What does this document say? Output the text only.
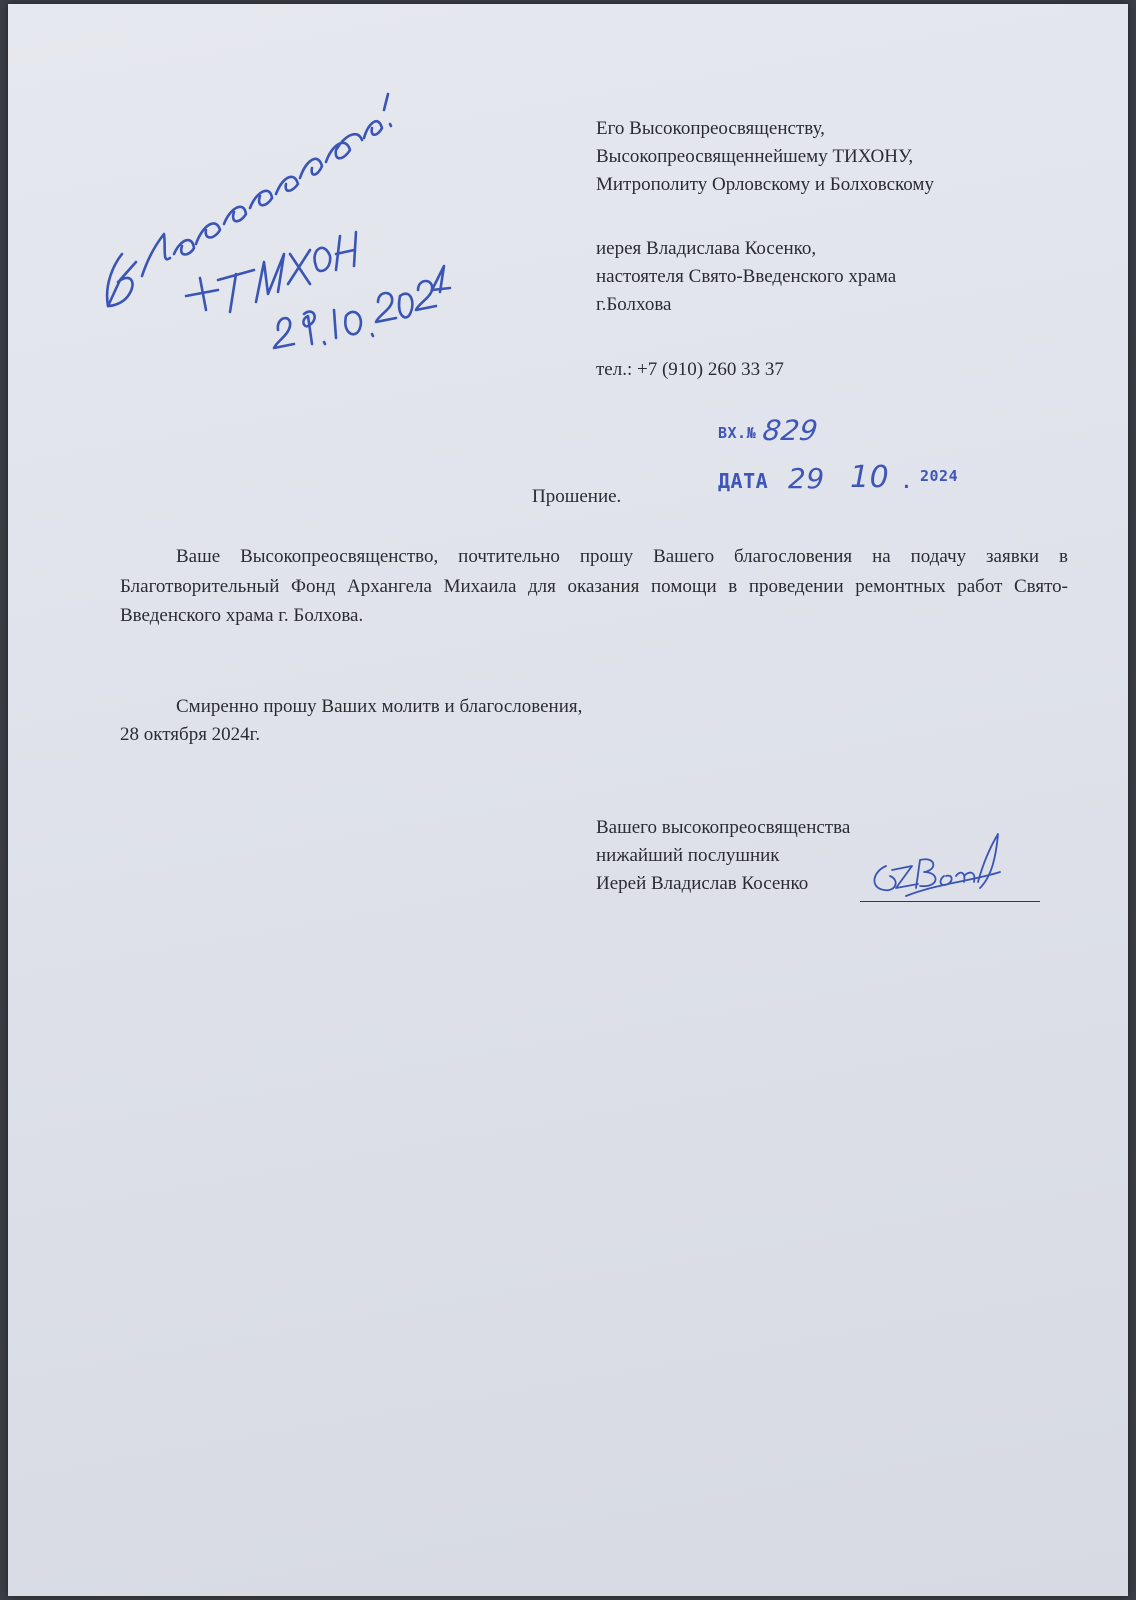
Его Высокопреосвященству,
Высокопреосвященнейшему ТИХОНУ,
Митрополиту Орловскому и Болховскому
иерея Владислава Косенко,
настоятеля Свято-Введенского храма
г.Болхова
тел.: +7 (910) 260 33 37
ВХ.№ 829
ДАТА 29 10 . 2024
Прошение.
Ваше Высокопреосвященство, почтительно прошу Вашего благословения на подачу заявки в Благотворительный Фонд Архангела Михаила для оказания помощи в проведении ремонтных работ Свято-Введенского храма г. Болхова.
Смиренно прошу Ваших молитв и благословения,
28 октября 2024г.
Вашего высокопреосвященства
нижайший послушник
Иерей Владислав Косенко
